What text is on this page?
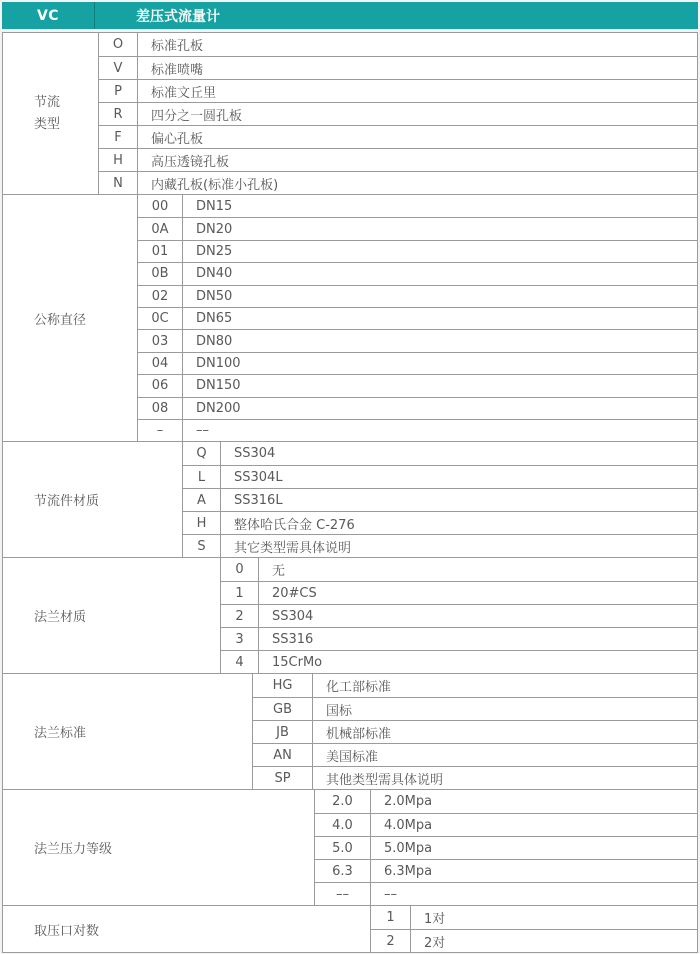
VC	差压式流量计
节流类型
O	标准孔板
V	标准喷嘴
P	标准文丘里
R	四分之一圆孔板
F	偏心孔板
H	高压透镜孔板
N	内藏孔板(标准小孔板)
公称直径
00	DN15
0A	DN20
01	DN25
0B	DN40
02	DN50
0C	DN65
03	DN80
04	DN100
06	DN150
08	DN200
–	––
节流件材质
Q	SS304
L	SS304L
A	SS316L
H	整体哈氏合金 C-276
S	其它类型需具体说明
法兰材质
0	无
1	20#CS
2	SS304
3	SS316
4	15CrMo
法兰标准
HG	化工部标准
GB	国标
JB	机械部标准
AN	美国标准
SP	其他类型需具体说明
法兰压力等级
2.0	2.0Mpa
4.0	4.0Mpa
5.0	5.0Mpa
6.3	6.3Mpa
––	––
取压口对数
1	1对
2	2对
